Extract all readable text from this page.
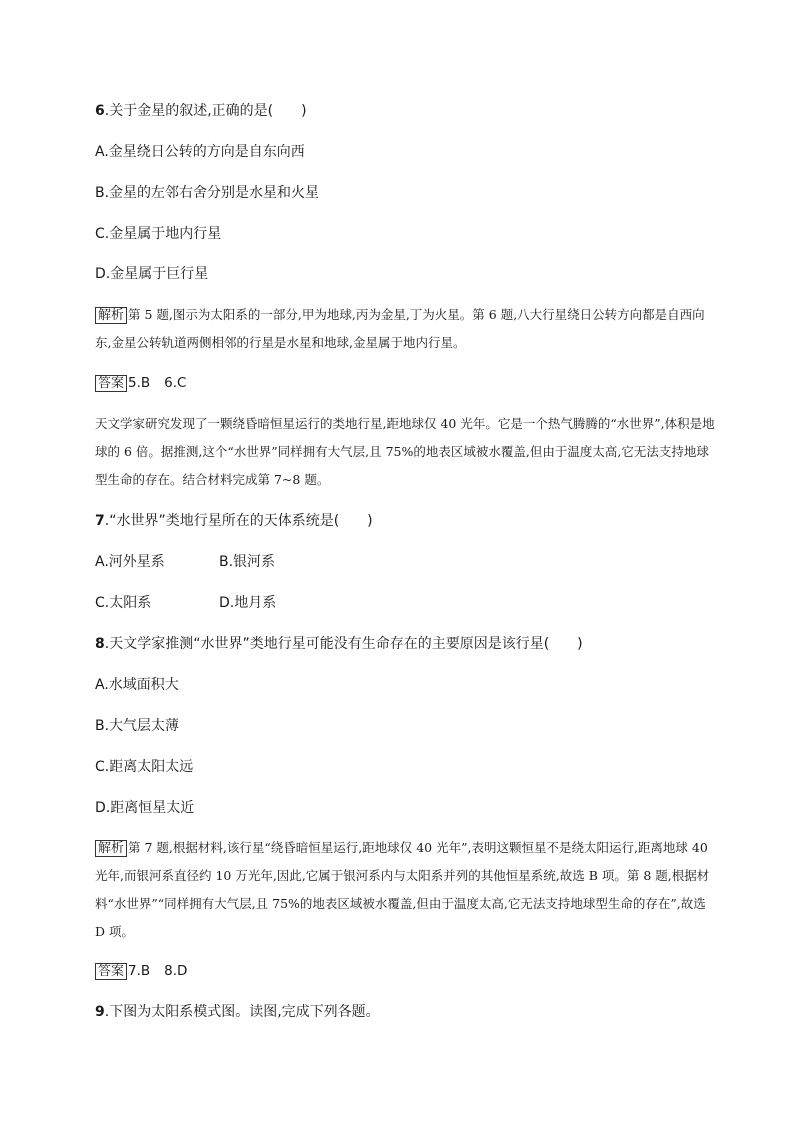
6.关于金星的叙述,正确的是(　　)
A.金星绕日公转的方向是自东向西
B.金星的左邻右舍分别是水星和火星
C.金星属于地内行星
D.金星属于巨行星
解析 第 5 题,图示为太阳系的一部分,甲为地球,丙为金星,丁为火星。第 6 题,八大行星绕日公转方向都是自西向东,金星公转轨道两侧相邻的行星是水星和地球,金星属于地内行星。
答案 5.B 6.C
天文学家研究发现了一颗绕昏暗恒星运行的类地行星,距地球仅 40 光年。它是一个热气腾腾的“水世界”,体积是地球的 6 倍。据推测,这个“水世界”同样拥有大气层,且 75%的地表区域被水覆盖,但由于温度太高,它无法支持地球型生命的存在。结合材料完成第 7~8 题。
7.“水世界”类地行星所在的天体系统是(　　)
A.河外星系	B.银河系
C.太阳系	D.地月系
8.天文学家推测“水世界”类地行星可能没有生命存在的主要原因是该行星(　　)
A.水域面积大
B.大气层太薄
C.距离太阳太远
D.距离恒星太近
解析 第 7 题,根据材料,该行星“绕昏暗恒星运行,距地球仅 40 光年”,表明这颗恒星不是绕太阳运行,距离地球 40 光年,而银河系直径约 10 万光年,因此,它属于银河系内与太阳系并列的其他恒星系统,故选 B 项。第 8 题,根据材料“水世界”“同样拥有大气层,且 75%的地表区域被水覆盖,但由于温度太高,它无法支持地球型生命的存在”,故选 D 项。
答案 7.B 8.D
9.下图为太阳系模式图。读图,完成下列各题。
